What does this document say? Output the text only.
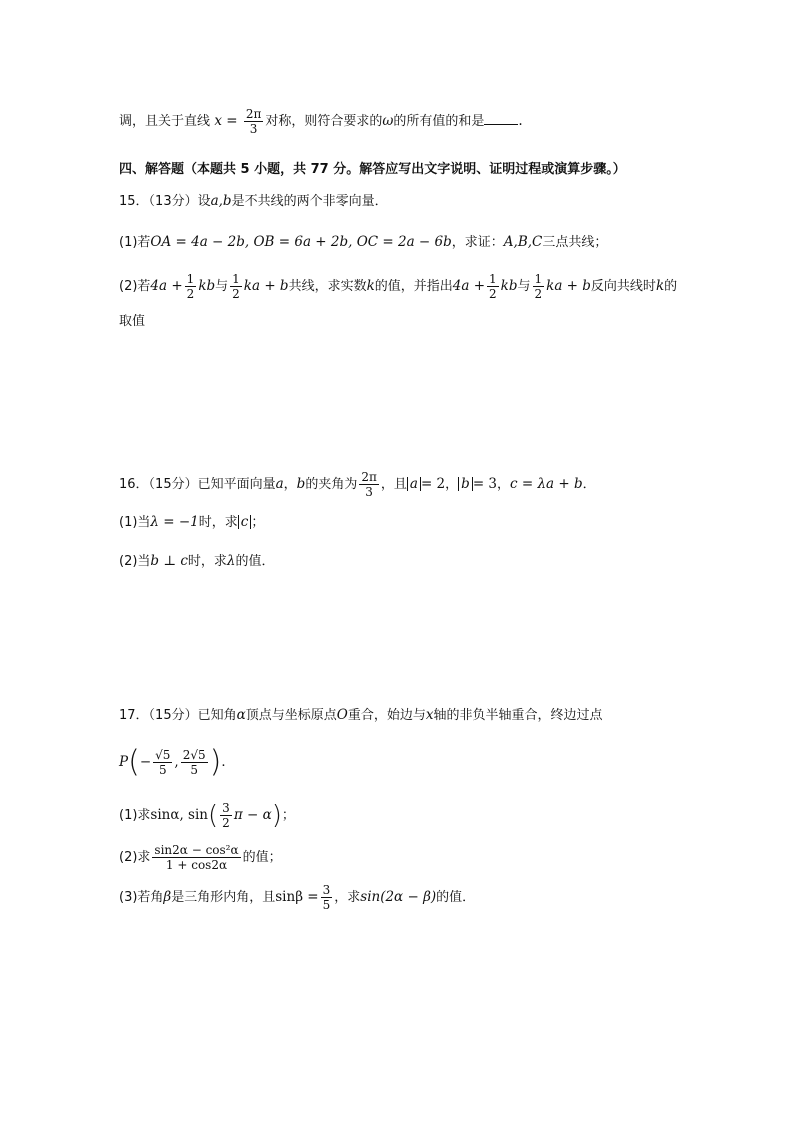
调，且关于直线 $x = \frac{2\pi}{3}$ 对称，则符合要求的ω的所有值的和是	.
四、解答题（本题共 5 小题，共 77 分。解答应写出文字说明、证明过程或演算步骤。）
15．（13分）设a,b是不共线的两个非零向量．
(1)若OA = 4a − 2b, OB = 6a + 2b, OC = 2a − 6b，求证：A,B,C三点共线；
(2)若$4a + \frac{1}{2}$ kb与 $\frac{1}{2}$ ka + b共线，求实数k的值，并指出$4a + \frac{1}{2}$ kb与 $\frac{1}{2}$ ka + b反向共线时k的
取值
16．（15分）已知平面向量a，b的夹角为 $\frac{2\pi}{3}$ ，且 a = 2， b = 3，c = λa + b．
(1)当λ = −1时，求 c ；
(2)当b ⊥ c时，求λ的值．
17．（15分）已知角α顶点与坐标原点O重合，始边与x轴的非负半轴重合，终边过点
$P(- \frac{√5}{5}$ , $\frac{2√5}{5}$ )．
(1)求sinα, $\sin( \frac{3}{2}$ π − α)；
(2)求 $\frac{\text{sin2α − cos²α}}{1 + \cos 2\alpha}$ 的值；
(3)若角β是三角形内角，且$\sin\beta = \frac{3}{5}$ ，求sin(2α − β)的值．
